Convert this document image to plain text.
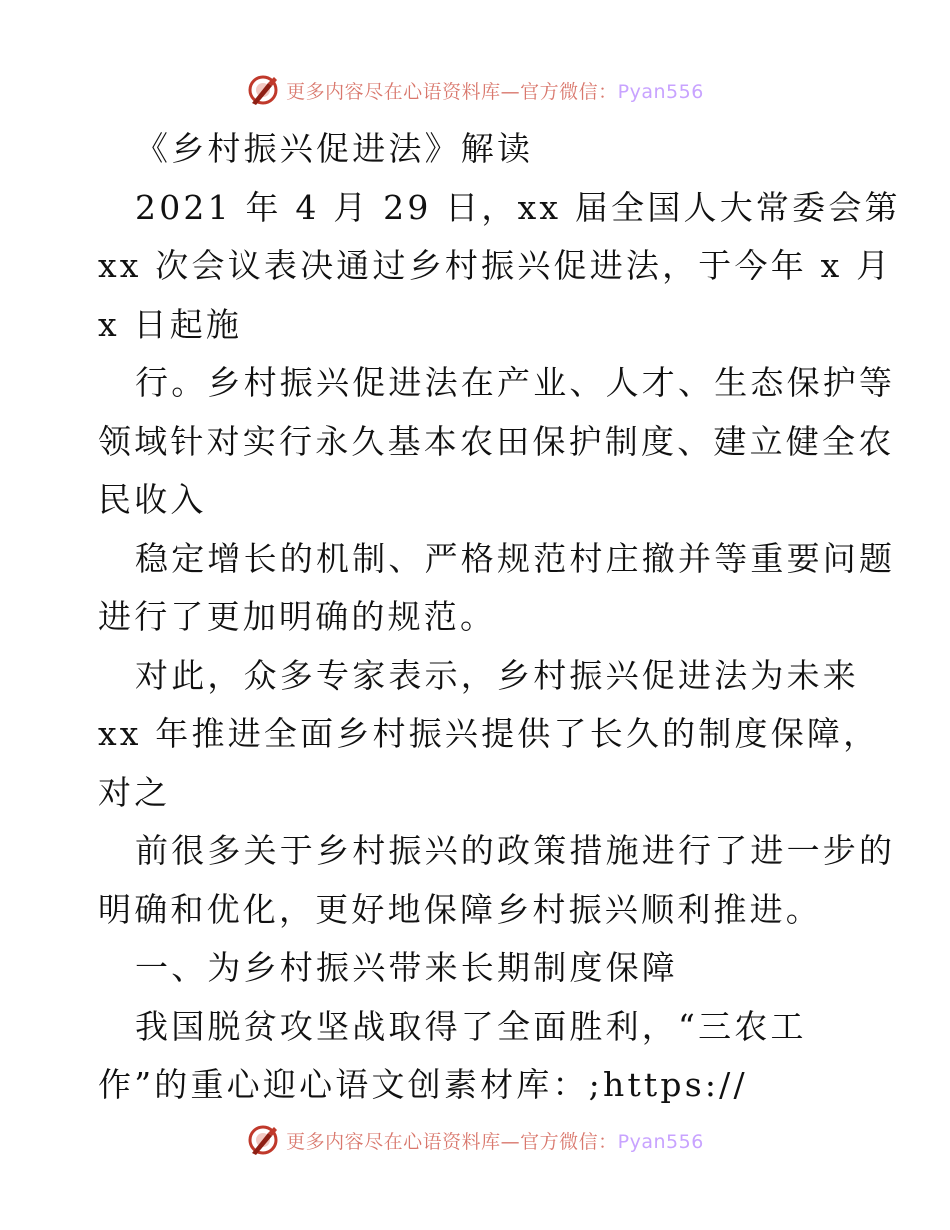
更多内容尽在心语资料库—官方微信：Pyan556

《乡村振兴促进法》解读

2021 年 4 月 29 日，xx 届全国人大常委会第

xx 次会议表决通过乡村振兴促进法，于今年 x 月

x 日起施

行。乡村振兴促进法在产业、人才、生态保护等

领域针对实行永久基本农田保护制度、建立健全农

民收入

稳定增长的机制、严格规范村庄撤并等重要问题

进行了更加明确的规范。

对此，众多专家表示，乡村振兴促进法为未来

xx 年推进全面乡村振兴提供了长久的制度保障，

对之

前很多关于乡村振兴的政策措施进行了进一步的

明确和优化，更好地保障乡村振兴顺利推进。

一、为乡村振兴带来长期制度保障

我国脱贫攻坚战取得了全面胜利，“三农工

作”的重心迎心语文创素材库：;https://

更多内容尽在心语资料库—官方微信：Pyan556
